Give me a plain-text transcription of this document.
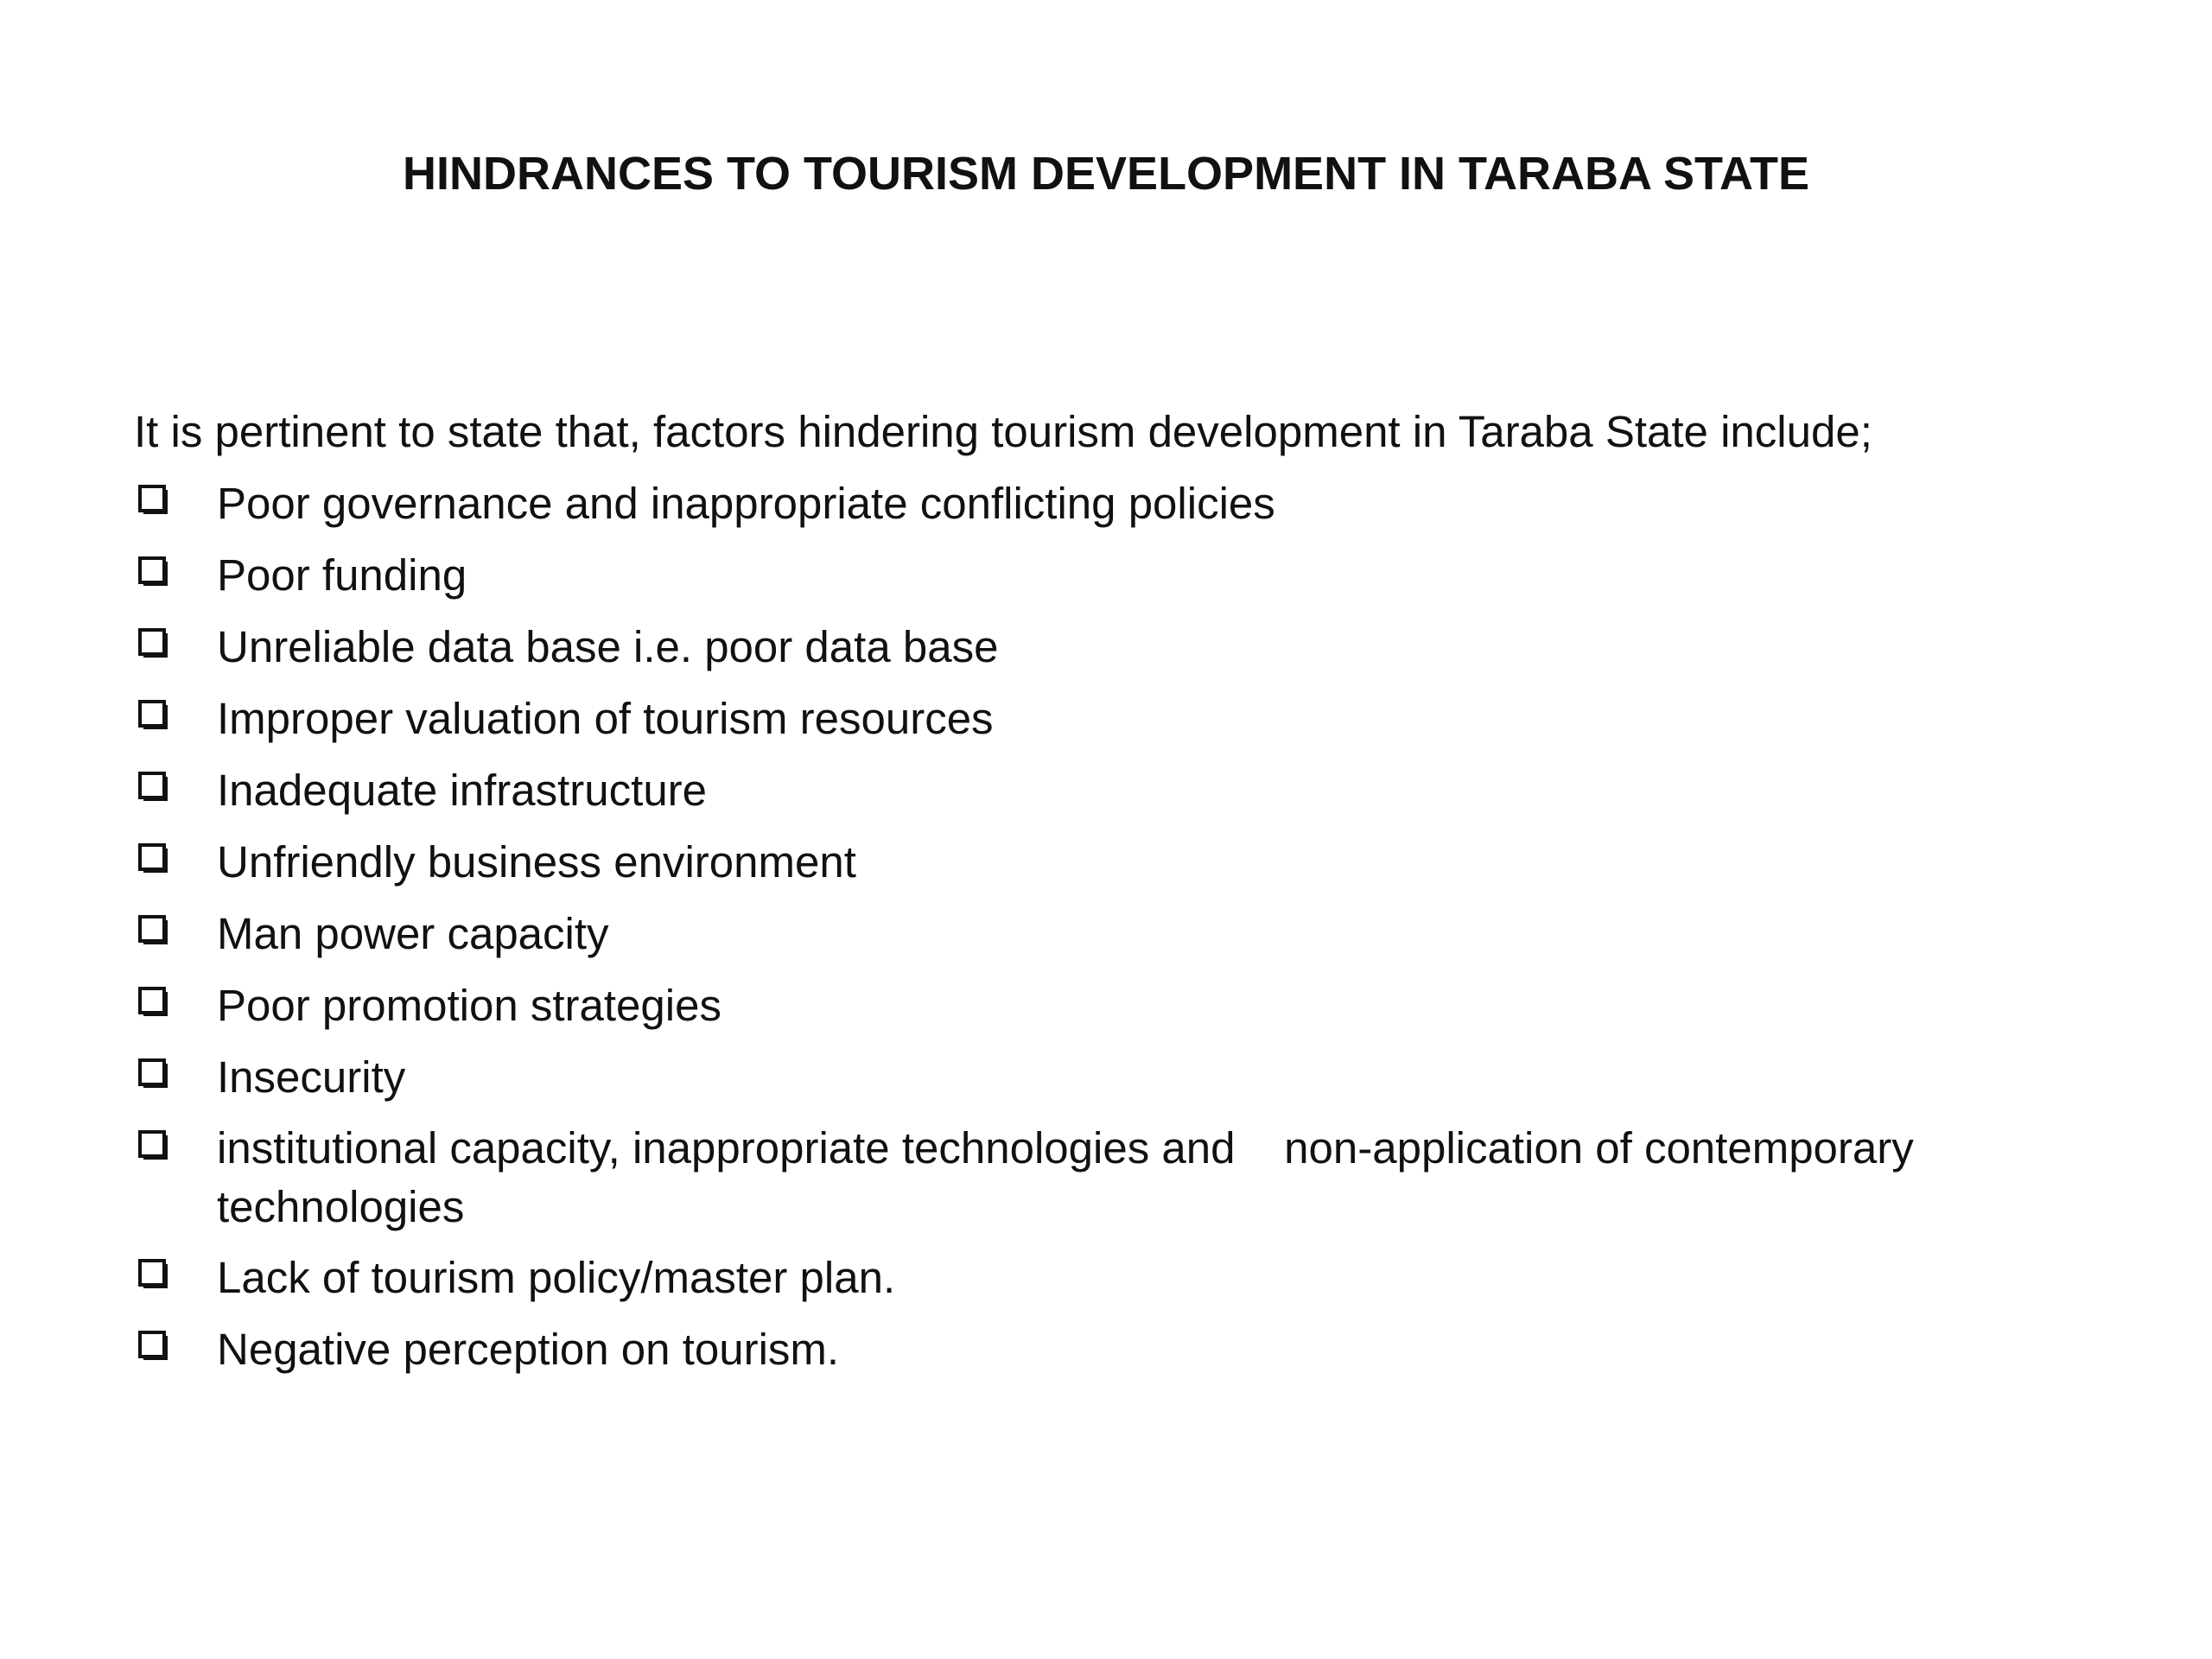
HINDRANCES TO TOURISM DEVELOPMENT IN TARABA STATE
It is pertinent to state that, factors hindering tourism development in Taraba State include;
Poor governance and inappropriate conflicting policies
Poor funding
Unreliable data base i.e. poor data base
Improper valuation of tourism resources
Inadequate infrastructure
Unfriendly business environment
Man power capacity
Poor promotion strategies
Insecurity
institutional capacity, inappropriate technologies and    non-application of contemporary technologies
Lack of tourism policy/master plan.
Negative perception on tourism.
